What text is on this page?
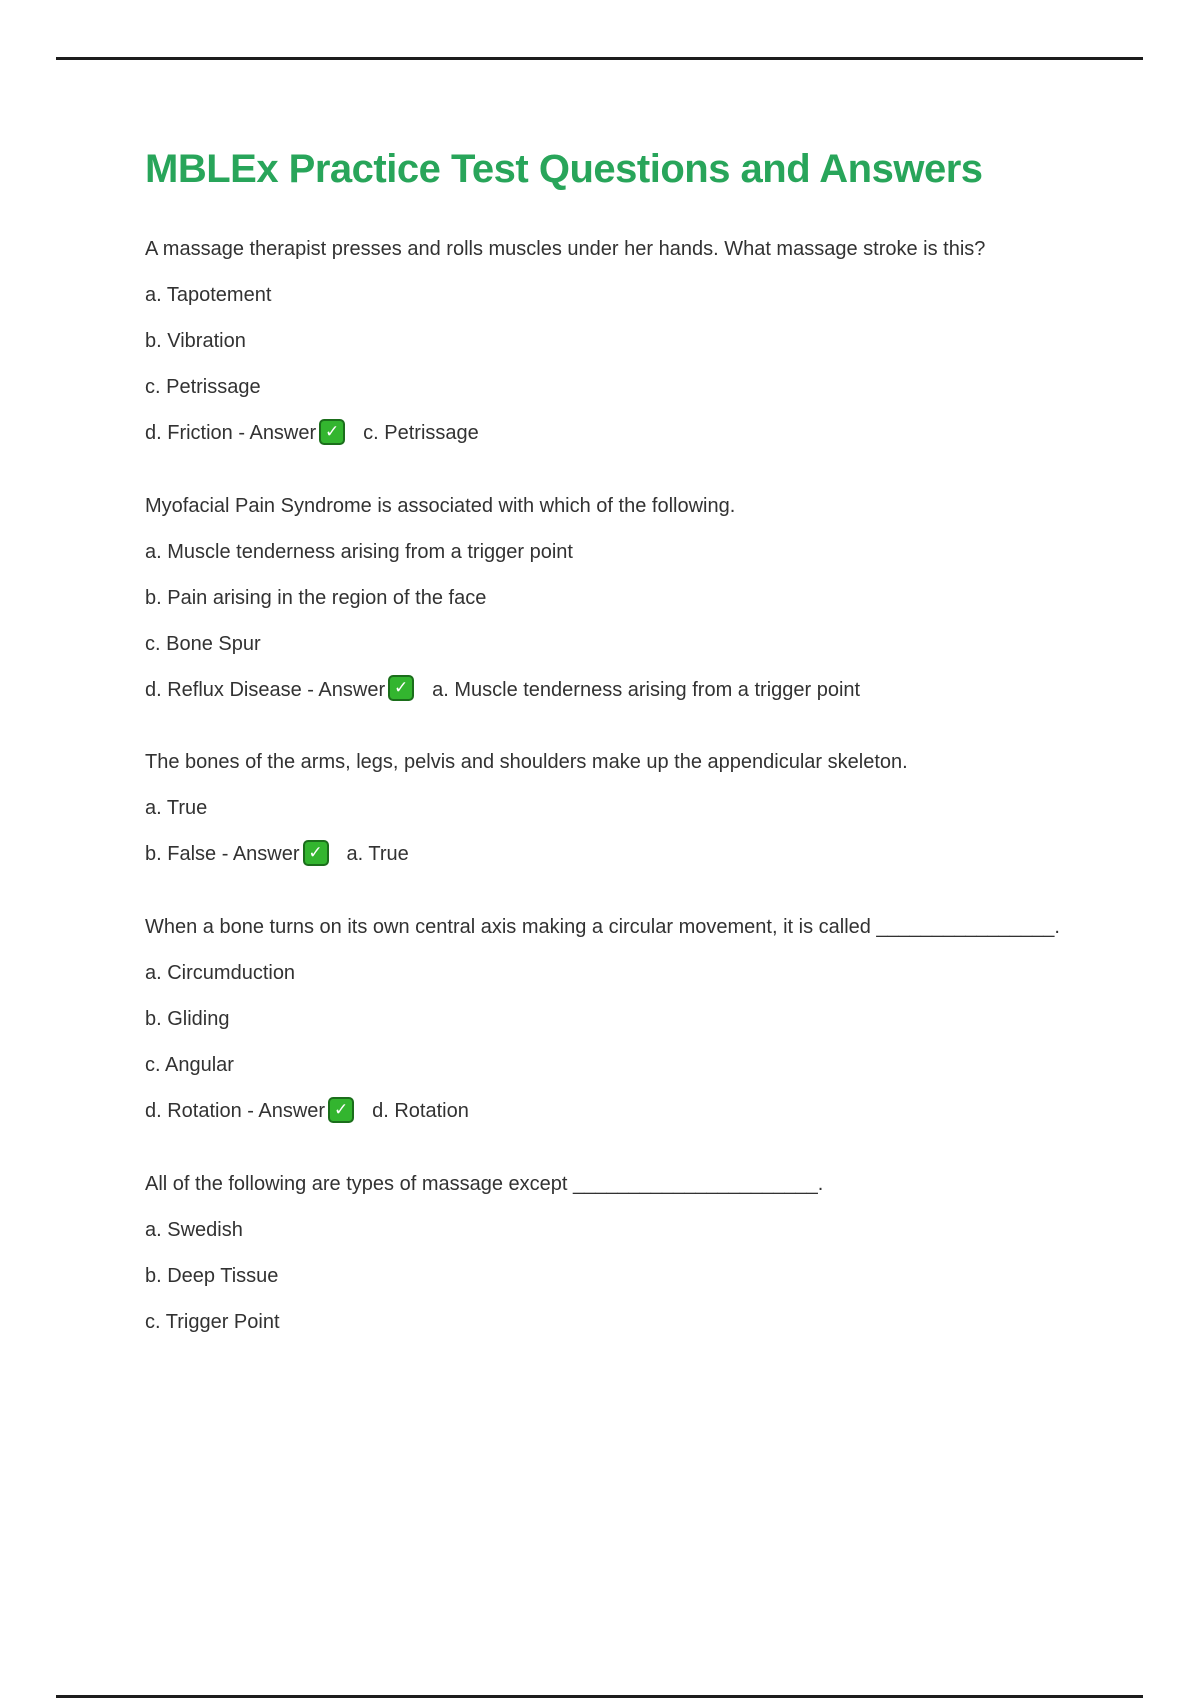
MBLEx Practice Test Questions and Answers

A massage therapist presses and rolls muscles under her hands. What massage stroke is this?

a. Tapotement

b. Vibration

c. Petrissage

d. Friction - Answer ✓ c. Petrissage

Myofacial Pain Syndrome is associated with which of the following.

a. Muscle tenderness arising from a trigger point

b. Pain arising in the region of the face

c. Bone Spur

d. Reflux Disease - Answer ✓ a. Muscle tenderness arising from a trigger point

The bones of the arms, legs, pelvis and shoulders make up the appendicular skeleton.

a. True

b. False - Answer ✓ a. True

When a bone turns on its own central axis making a circular movement, it is called ________________.

a. Circumduction

b. Gliding

c. Angular

d. Rotation - Answer ✓ d. Rotation

All of the following are types of massage except ______________________.

a. Swedish

b. Deep Tissue

c. Trigger Point
